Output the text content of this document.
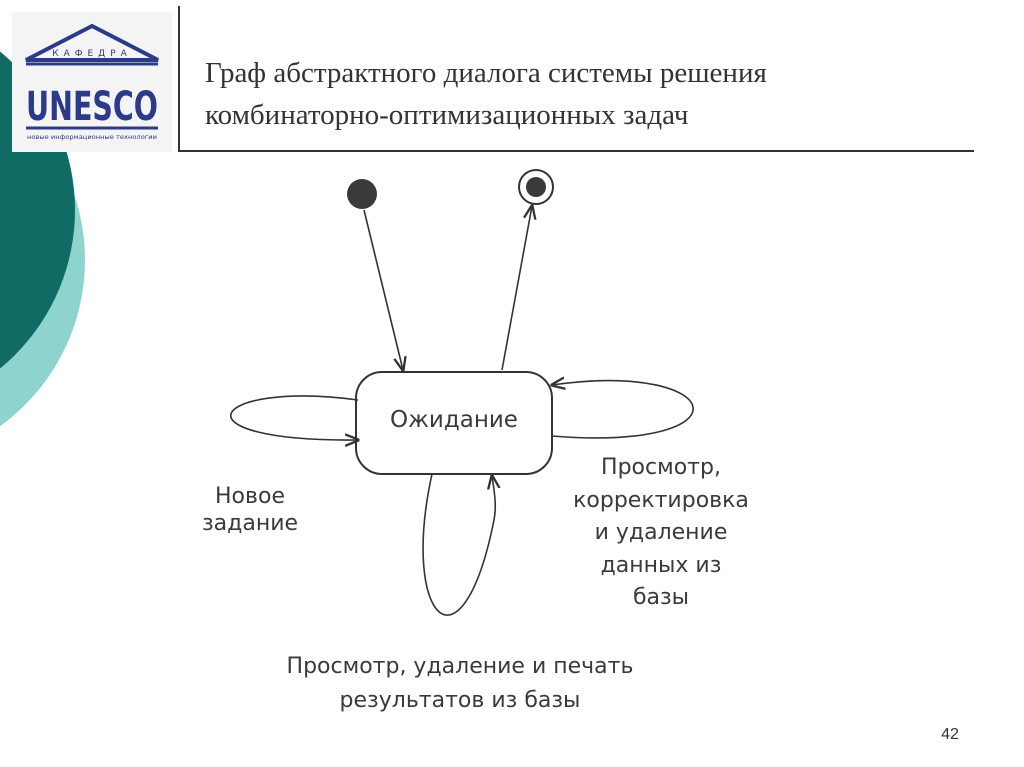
КАФЕДРА
UNESCO
новые информационные технологии
Граф абстрактного диалога системы решения
комбинаторно-оптимизационных задач
Ожидание
Новое
задание
Просмотр,
корректировка
и удаление
данных из
базы
Просмотр, удаление и печать
результатов из базы
42
